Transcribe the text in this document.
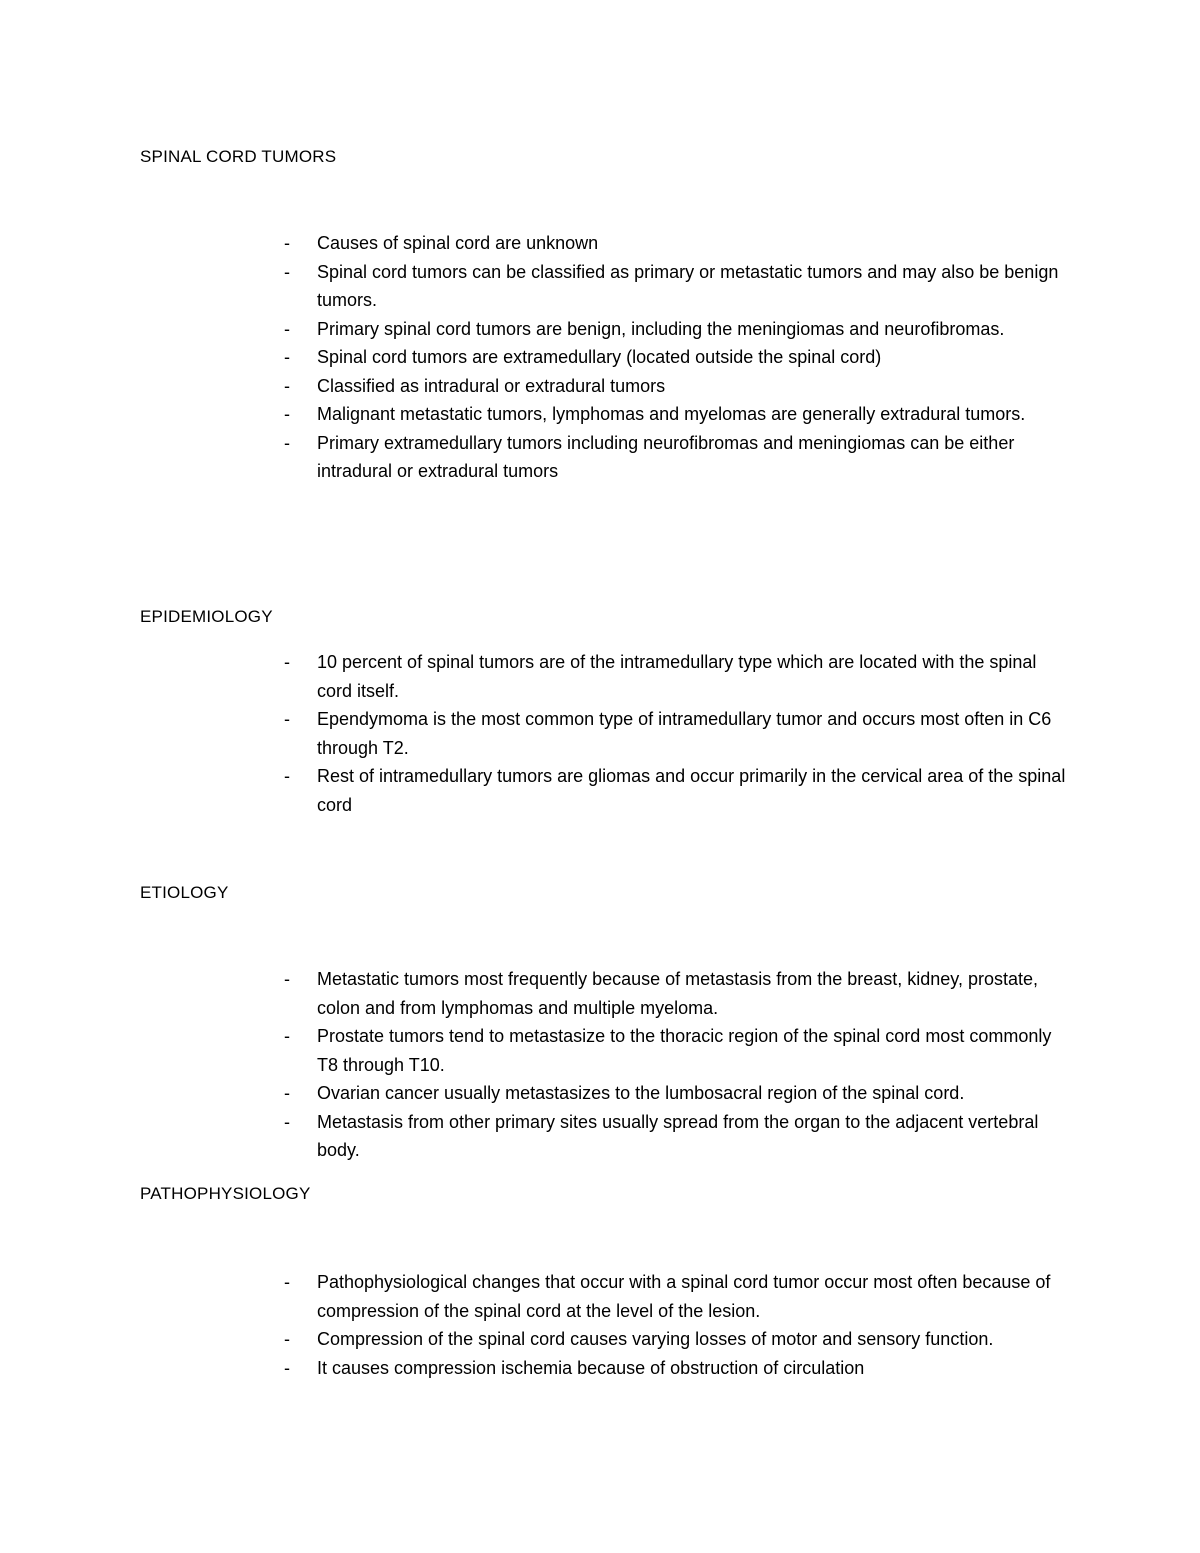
SPINAL CORD TUMORS
-	Causes of spinal cord are unknown
-	Spinal cord tumors can be classified as primary or metastatic tumors and may also be benign tumors.
-	Primary spinal cord tumors are benign, including the meningiomas and neurofibromas.
-	Spinal cord tumors are extramedullary (located outside the spinal cord)
-	Classified as intradural or extradural tumors
-	Malignant metastatic tumors, lymphomas and myelomas are generally extradural tumors.
-	Primary extramedullary tumors including neurofibromas and meningiomas can be either intradural or extradural tumors
EPIDEMIOLOGY
-	10 percent of spinal tumors are of the intramedullary type which are located with the spinal cord itself.
-	Ependymoma is the most common type of intramedullary tumor and occurs most often in C6 through T2.
-	Rest of intramedullary tumors are gliomas and occur primarily in the cervical area of the spinal cord
ETIOLOGY
-	Metastatic tumors most frequently because of metastasis from the breast, kidney, prostate, colon and from lymphomas and multiple myeloma.
-	Prostate tumors tend to metastasize to the thoracic region of the spinal cord most commonly T8 through T10.
-	Ovarian cancer usually metastasizes to the lumbosacral region of the spinal cord.
-	Metastasis from other primary sites usually spread from the organ to the adjacent vertebral body.
PATHOPHYSIOLOGY
-	Pathophysiological changes that occur with a spinal cord tumor occur most often because of compression of the spinal cord at the level of the lesion.
-	Compression of the spinal cord causes varying losses of motor and sensory function.
-	It causes compression ischemia because of obstruction of circulation
